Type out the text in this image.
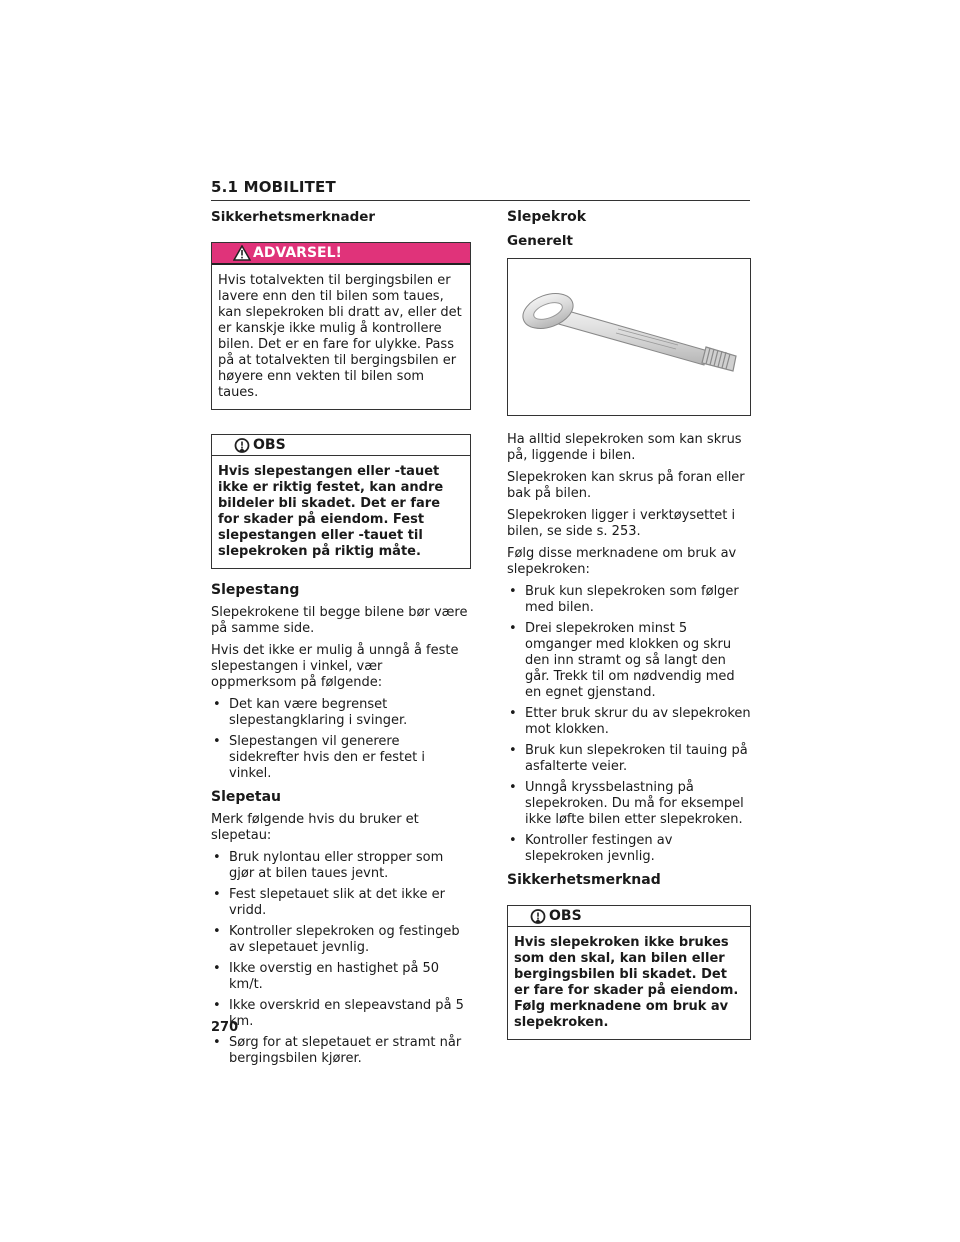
5.1 MOBILITET
Sikkerhetsmerknader
ADVARSEL!
Hvis totalvekten til bergingsbilen er lavere enn den til bilen som taues, kan slepekroken bli dratt av, eller det er kanskje ikke mulig å kontrollere bilen. Det er en fare for ulykke. Pass på at totalvekten til bergingsbilen er høyere enn vekten til bilen som taues.
OBS
Hvis slepestangen eller -tauet ikke er riktig festet, kan andre bildeler bli skadet. Det er fare for skader på eiendom. Fest slepestangen eller -tauet til slepekroken på riktig måte.
Slepestang

Slepekrokene til begge bilene bør være på samme side.

Hvis det ikke er mulig å unngå å feste slepestangen i vinkel, vær oppmerksom på følgende:

• Det kan være begrenset slepestangklaring i svinger.
• Slepestangen vil generere sidekrefter hvis den er festet i vinkel.
Slepetau

Merk følgende hvis du bruker et slepetau:

• Bruk nylontau eller stropper som gjør at bilen taues jevnt.
• Fest slepetauet slik at det ikke er vridd.
• Kontroller slepekroken og festingeb av slepetauet jevnlig.
• Ikke overstig en hastighet på 50 km/t.
• Ikke overskrid en slepeavstand på 5 km.
• Sørg for at slepetauet er stramt når bergingsbilen kjører.
Slepekrok
Generelt

Ha alltid slepekroken som kan skrus på, liggende i bilen.

Slepekroken kan skrus på foran eller bak på bilen.

Slepekroken ligger i verktøysettet i bilen, se side s. 253.

Følg disse merknadene om bruk av slepekroken:

• Bruk kun slepekroken som følger med bilen.
• Drei slepekroken minst 5 omganger med klokken og skru den inn stramt og så langt den går. Trekk til om nødvendig med en egnet gjenstand.
• Etter bruk skrur du av slepekroken mot klokken.
• Bruk kun slepekroken til tauing på asfalterte veier.
• Unngå kryssbelastning på slepekroken. Du må for eksempel ikke løfte bilen etter slepekroken.
• Kontroller festingen av slepekroken jevnlig.
Sikkerhetsmerknad
OBS
Hvis slepekroken ikke brukes som den skal, kan bilen eller bergingsbilen bli skadet. Det er fare for skader på eiendom. Følg merknadene om bruk av slepekroken.
270
